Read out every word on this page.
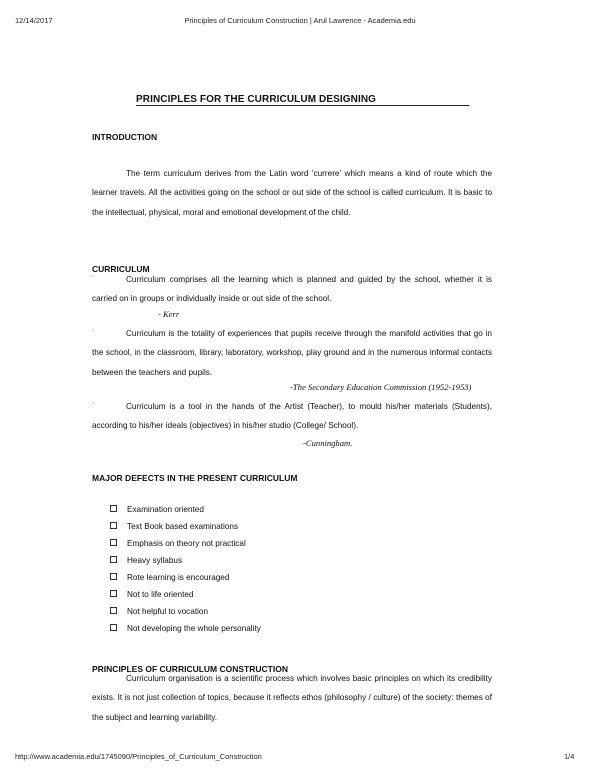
12/14/2017	Principles of Curriculum Construction | Arul Lawrence - Academia.edu
PRINCIPLES FOR THE CURRICULUM DESIGNING
INTRODUCTION
The term curriculum derives from the Latin word 'currere' which means a kind of route which the learner travels. All the activities going on the school or out side of the school is called curriculum. It is basic to the intellectual, physical, moral and emotional development of the child.
CURRICULUM
`	Curriculum comprises all the learning which is planned and guided by the school, whether it is carried on in groups or individually inside or out side of the school.
- Kerr
`	Curriculum is the totality of experiences that pupils receive through the manifold activities that go in the school, in the classroom, library, laboratory, workshop, play ground and in the numerous informal contacts between the teachers and pupils.
-The Secondary Education Commission (1952-1953)
`	Curriculum is a tool in the hands of the Artist (Teacher), to mould his/her materials (Students), according to his/her ideals (objectives) in his/her studio (College/ School).
-Cunningham.
MAJOR DEFECTS IN THE PRESENT CURRICULUM
Examination oriented
Text Book based examinations
Emphasis on theory not practical
Heavy syllabus
Rote learning is encouraged
Not to life oriented
Not helpful to vocation
Not developing the whole personality
PRINCIPLES OF CURRICULUM CONSTRUCTION
Curriculum organisation is a scientific process which involves basic principles on which its credibility exists. It is not just collection of topics, because it reflects ethos (philosophy / culture) of the society: themes of the subject and learning variability.
http://www.academia.edu/1745090/Principles_of_Curriculum_Construction	1/4
